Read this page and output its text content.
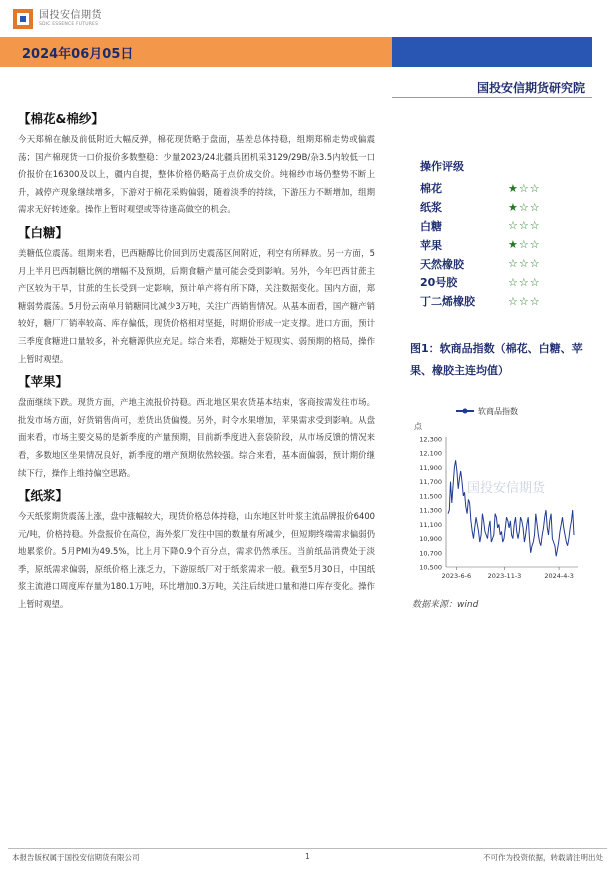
国投安信期货
SDIC ESSENCE FUTURES
2024年06月05日	日报
国投安信期货研究院
【棉花&棉纱】

今天郑棉在触及前低附近大幅反弹，棉花现货略于盘面，基差总体持稳，组期郑棉走势或偏震荡；国产棉现货一口价报价多数整稳：少量2023/24北疆兵团机采3129/29B/杂3.5内较低一口价报价在16300及以上，疆内自提，整体价格仍略高于点价成交价。纯棉纱市场仍整势不断上升，减停产现象继续增多，下游对于棉花采购偏弱，随着淡季的持续，下游压力不断增加，组期需求无好转迹象。操作上暂时观望或等待逢高做空的机会。

【白糖】

美糖低位震荡。组期来看，巴西糖醇比价回到历史震荡区间附近，利空有所释放。另一方面，5月上半月巴西制糖比例的增幅不及预期，后期食糖产量可能会受到影响。另外，今年巴西甘蔗主产区较为干旱，甘蔗的生长受到一定影响，预计单产将有所下降，关注数据变化。国内方面，郑糖弱势震荡。5月份云南单月销糖同比减少3万吨，关注广西销售情况。从基本面看，国产糖产销较好，糖厂厂销率较高、库存偏低，现货价格相对坚挺，时期价形成一定支撑。进口方面，预计三季度食糖进口量较多，补充糖源供应充足。综合来看，郑糖处于短现实、弱预期的格局，操作上暂时观望。

【苹果】

盘面继续下跌。现货方面，产地主流报价持稳。西北地区果农货基本结束，客商按需发往市场。批发市场方面，好货销售尚可，差货出货偏慢。另外，时令水果增加，苹果需求受到影响。从盘面来看，市场主要交易的是新季度的产量预期，目前新季度进入套袋阶段，从市场反馈的情况来看，多数地区坐果情况良好，新季度的增产预期依然较强。综合来看，基本面偏弱，预计期价继续下行，操作上维持偏空思路。

【纸浆】

今天纸浆期货震荡上涨，盘中涨幅较大，现货价格总体持稳，山东地区针叶浆主流品牌报价6400元/吨，价格持稳。外盘报价在高位，海外浆厂发往中国的数量有所减少，但短期终端需求偏弱仍地累浆价。5月PMI为49.5%，比上月下降0.9个百分点，需求仍然承压。当前纸品消费处于淡季，原纸需求偏弱，原纸价格上涨乏力，下游原纸厂对于纸浆需求一般。截至5月30日，中国纸浆主流港口周度库存量为180.1万吨，环比增加0.3万吨，关注后续进口量和港口库存变化。操作上暂时观望。

操作评级
棉花	★☆☆
纸浆	★☆☆
白糖	☆☆☆
苹果	★☆☆
天然橡胶	☆☆☆
20号胶	☆☆☆
丁二烯橡胶	☆☆☆
图1：软商品指数（棉花、白糖、苹果、橡胶主连均值）
软商品指数
点
国投安信期货
10,500
10,700
10,900
11,100
11,300
11,500
11,700
11,900
12,100
12,300
2023-6-6	2023-11-3	2024-4-3
数据来源：wind
本报告版权属于国投安信期货有限公司	1	不可作为投资依据，转载请注明出处
